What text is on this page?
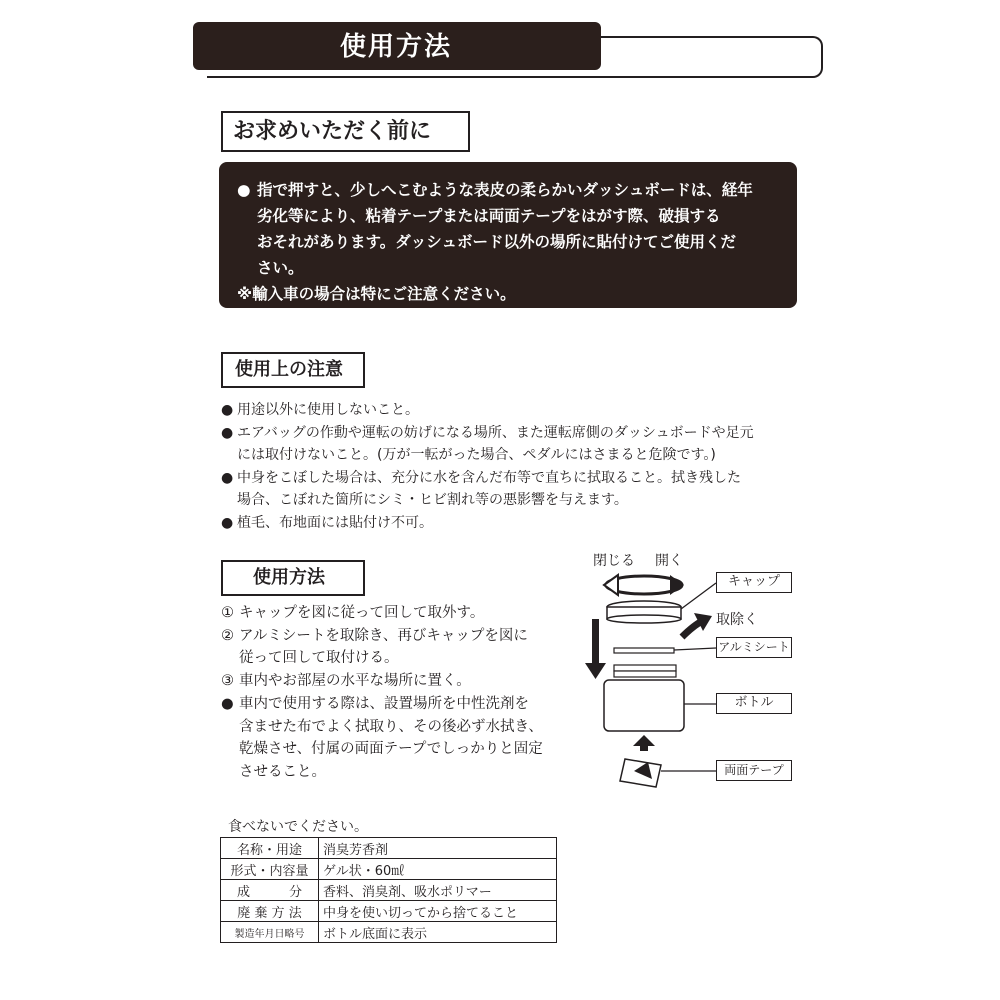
使用方法
お求めいただく前に
● 指で押すと、少しへこむような表皮の柔らかいダッシュボードは、経年

劣化等により、粘着テープまたは両面テープをはがす際、破損する

おそれがあります。ダッシュボード以外の場所に貼付けてご使用くだ

さい。

※輸入車の場合は特にご注意ください。

使用上の注意
● 用途以外に使用しないこと。
● エアバッグの作動や運転の妨げになる場所、また運転席側のダッシュボードや足元
には取付けないこと。(万が一転がった場合、ペダルにはさまると危険です。)
● 中身をこぼした場合は、充分に水を含んだ布等で直ちに拭取ること。拭き残した
場合、こぼれた箇所にシミ・ヒビ割れ等の悪影響を与えます。
● 植毛、布地面には貼付け不可。
使用方法
① キャップを図に従って回して取外す。
② アルミシートを取除き、再びキャップを図に
従って回して取付ける。
③ 車内やお部屋の水平な場所に置く。
● 車内で使用する際は、設置場所を中性洗剤を
含ませた布でよく拭取り、その後必ず水拭き、
乾燥させ、付属の両面テープでしっかりと固定
させること。
閉じる 開く
取除く
キャップ
アルミシート
ボトル
両面テープ
食べないでください。
名称・用途	消臭芳香剤
形式・内容量	ゲル状・60㎖
成　　　分	香料、消臭剤、吸水ポリマー
廃 棄 方 法	中身を使い切ってから捨てること
製造年月日略号	ボトル底面に表示
